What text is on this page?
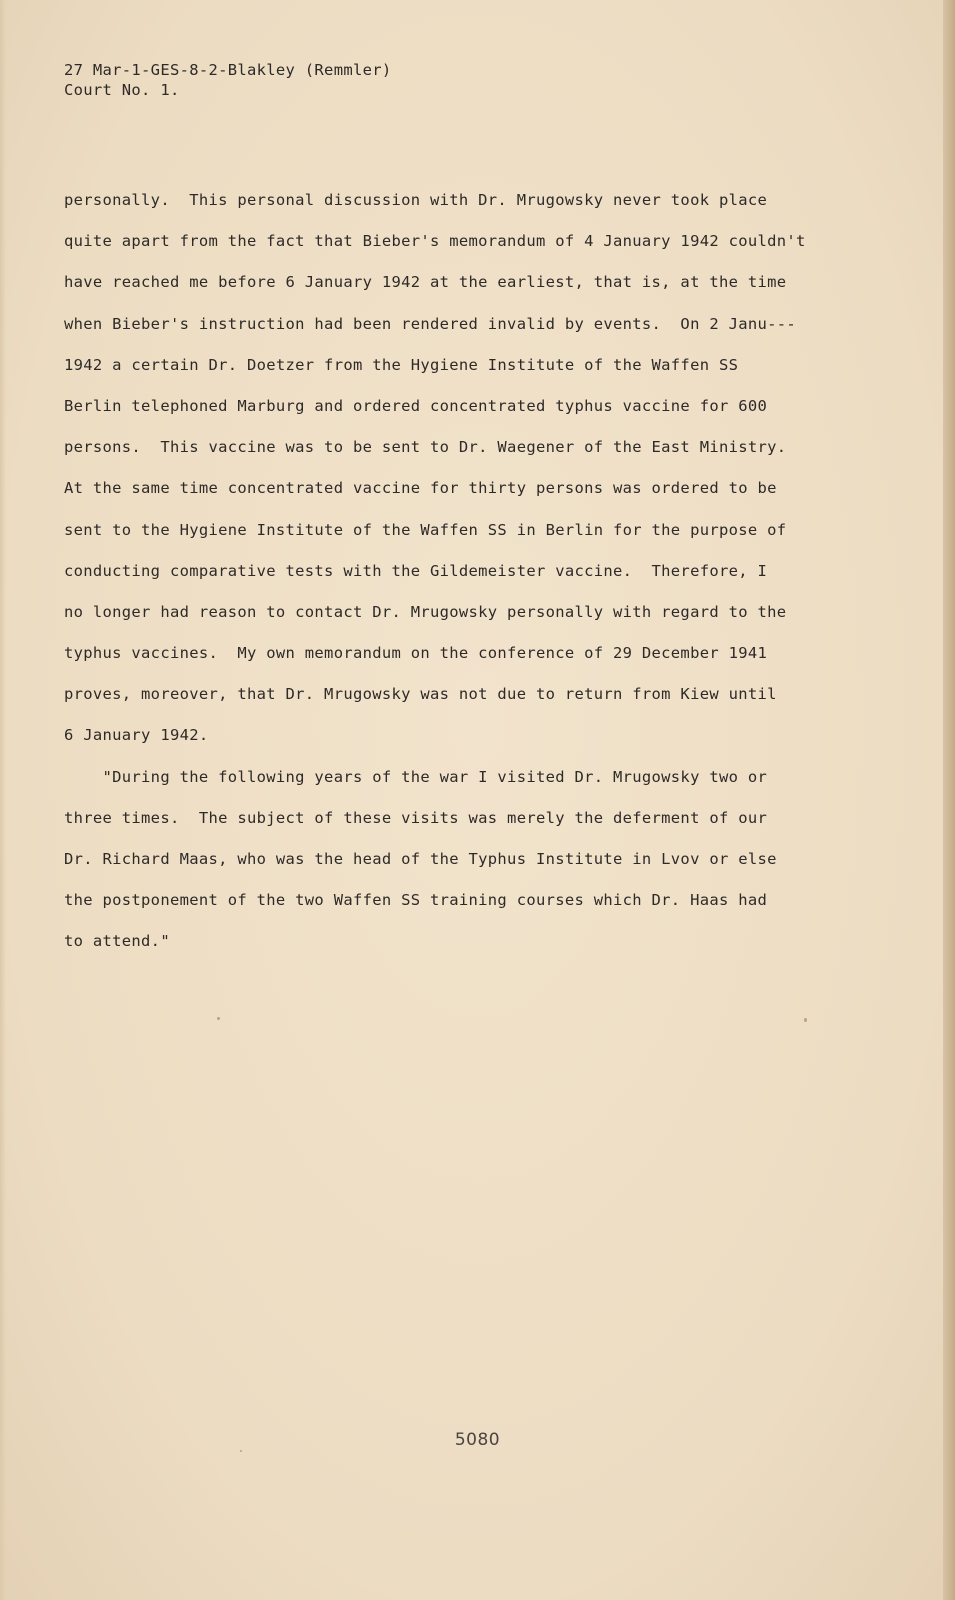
27 Mar-1-GES-8-2-Blakley (Remmler)
Court No. 1.
personally.  This personal discussion with Dr. Mrugowsky never took place
quite apart from the fact that Bieber's memorandum of 4 January 1942 couldn't
have reached me before 6 January 1942 at the earliest, that is, at the time
when Bieber's instruction had been rendered invalid by events.  On 2 Janu---
1942 a certain Dr. Doetzer from the Hygiene Institute of the Waffen SS
Berlin telephoned Marburg and ordered concentrated typhus vaccine for 600
persons.  This vaccine was to be sent to Dr. Waegener of the East Ministry.
At the same time concentrated vaccine for thirty persons was ordered to be
sent to the Hygiene Institute of the Waffen SS in Berlin for the purpose of
conducting comparative tests with the Gildemeister vaccine.  Therefore, I
no longer had reason to contact Dr. Mrugowsky personally with regard to the
typhus vaccines.  My own memorandum on the conference of 29 December 1941
proves, moreover, that Dr. Mrugowsky was not due to return from Kiew until
6 January 1942.
"During the following years of the war I visited Dr. Mrugowsky two or
three times.  The subject of these visits was merely the deferment of our
Dr. Richard Maas, who was the head of the Typhus Institute in Lvov or else
the postponement of the two Waffen SS training courses which Dr. Haas had
to attend."
5080
